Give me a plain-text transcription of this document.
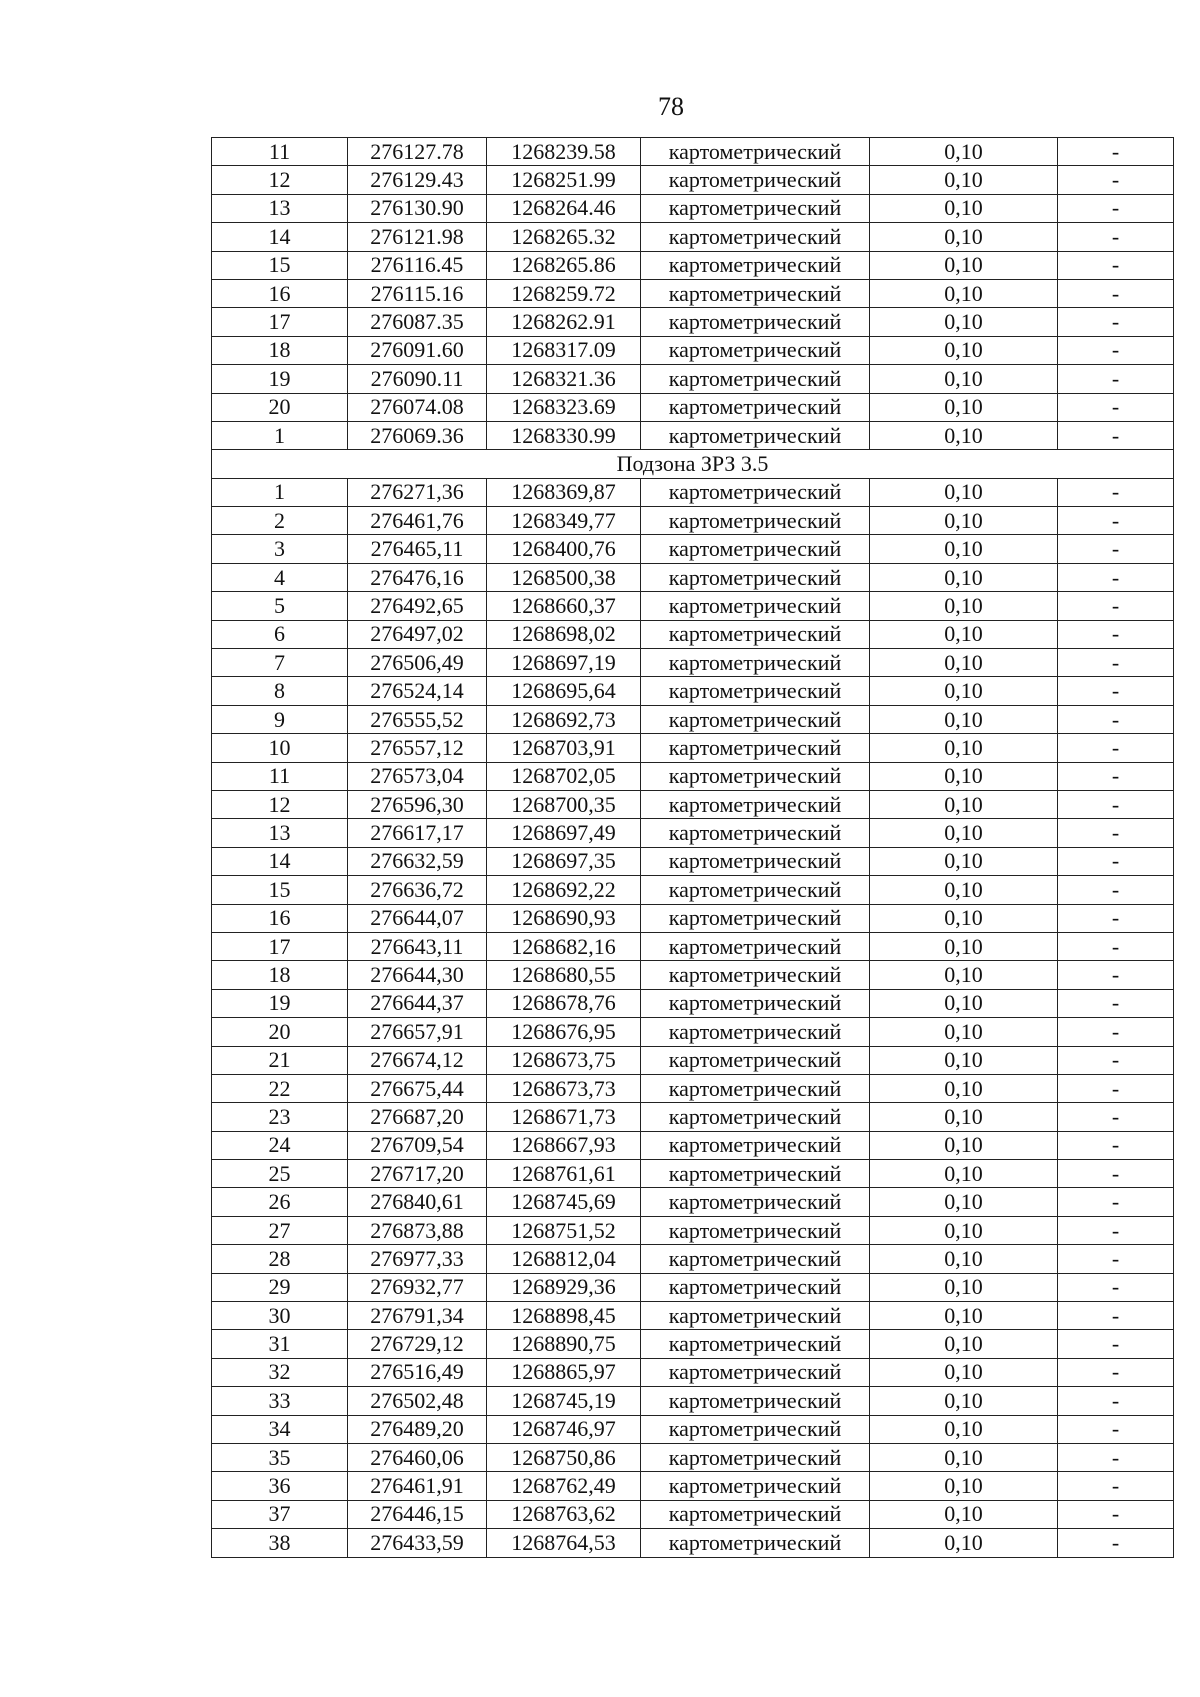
78
11	276127.78	1268239.58	картометрический	0,10	-
12	276129.43	1268251.99	картометрический	0,10	-
13	276130.90	1268264.46	картометрический	0,10	-
14	276121.98	1268265.32	картометрический	0,10	-
15	276116.45	1268265.86	картометрический	0,10	-
16	276115.16	1268259.72	картометрический	0,10	-
17	276087.35	1268262.91	картометрический	0,10	-
18	276091.60	1268317.09	картометрический	0,10	-
19	276090.11	1268321.36	картометрический	0,10	-
20	276074.08	1268323.69	картометрический	0,10	-
1	276069.36	1268330.99	картометрический	0,10	-
Подзона ЗРЗ 3.5					
1	276271,36	1268369,87	картометрический	0,10	-
2	276461,76	1268349,77	картометрический	0,10	-
3	276465,11	1268400,76	картометрический	0,10	-
4	276476,16	1268500,38	картометрический	0,10	-
5	276492,65	1268660,37	картометрический	0,10	-
6	276497,02	1268698,02	картометрический	0,10	-
7	276506,49	1268697,19	картометрический	0,10	-
8	276524,14	1268695,64	картометрический	0,10	-
9	276555,52	1268692,73	картометрический	0,10	-
10	276557,12	1268703,91	картометрический	0,10	-
11	276573,04	1268702,05	картометрический	0,10	-
12	276596,30	1268700,35	картометрический	0,10	-
13	276617,17	1268697,49	картометрический	0,10	-
14	276632,59	1268697,35	картометрический	0,10	-
15	276636,72	1268692,22	картометрический	0,10	-
16	276644,07	1268690,93	картометрический	0,10	-
17	276643,11	1268682,16	картометрический	0,10	-
18	276644,30	1268680,55	картометрический	0,10	-
19	276644,37	1268678,76	картометрический	0,10	-
20	276657,91	1268676,95	картометрический	0,10	-
21	276674,12	1268673,75	картометрический	0,10	-
22	276675,44	1268673,73	картометрический	0,10	-
23	276687,20	1268671,73	картометрический	0,10	-
24	276709,54	1268667,93	картометрический	0,10	-
25	276717,20	1268761,61	картометрический	0,10	-
26	276840,61	1268745,69	картометрический	0,10	-
27	276873,88	1268751,52	картометрический	0,10	-
28	276977,33	1268812,04	картометрический	0,10	-
29	276932,77	1268929,36	картометрический	0,10	-
30	276791,34	1268898,45	картометрический	0,10	-
31	276729,12	1268890,75	картометрический	0,10	-
32	276516,49	1268865,97	картометрический	0,10	-
33	276502,48	1268745,19	картометрический	0,10	-
34	276489,20	1268746,97	картометрический	0,10	-
35	276460,06	1268750,86	картометрический	0,10	-
36	276461,91	1268762,49	картометрический	0,10	-
37	276446,15	1268763,62	картометрический	0,10	-
38	276433,59	1268764,53	картометрический	0,10	-
